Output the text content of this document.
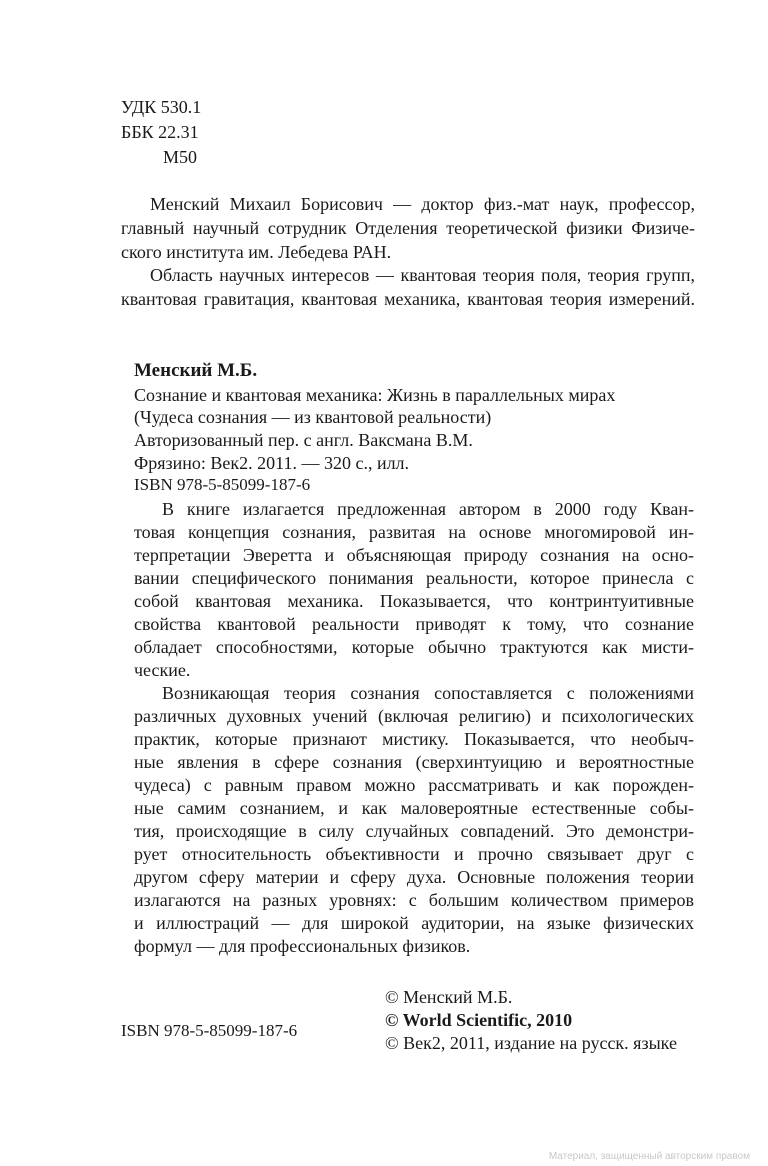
УДК 530.1
ББК 22.31
М50
Менский Михаил Борисович — доктор физ.-мат наук, профессор,
главный научный сотрудник Отделения теоретической физики Физиче-
ского института им. Лебедева РАН.
Область научных интересов — квантовая теория поля, теория групп,
квантовая гравитация, квантовая механика, квантовая теория измерений.
Менский М.Б.
Сознание и квантовая механика: Жизнь в параллельных мирах
(Чудеса сознания — из квантовой реальности)
Авторизованный пер. с англ. Ваксмана В.М.
Фрязино: Век2. 2011. — 320 с., илл.
ISBN 978-5-85099-187-6
В книге излагается предложенная автором в 2000 году Кван-
товая концепция сознания, развитая на основе многомировой ин-
терпретации Эверетта и объясняющая природу сознания на осно-
вании специфического понимания реальности, которое принесла с
собой квантовая механика. Показывается, что контринтуитивные
свойства квантовой реальности приводят к тому, что сознание
обладает способностями, которые обычно трактуются как мисти-
ческие.
Возникающая теория сознания сопоставляется с положениями
различных духовных учений (включая религию) и психологических
практик, которые признают мистику. Показывается, что необыч-
ные явления в сфере сознания (сверхинтуицию и вероятностные
чудеса) с равным правом можно рассматривать и как порожден-
ные самим сознанием, и как маловероятные естественные собы-
тия, происходящие в силу случайных совпадений. Это демонстри-
рует относительность объективности и прочно связывает друг с
другом сферу материи и сферу духа. Основные положения теории
излагаются на разных уровнях: с большим количеством примеров
и иллюстраций — для широкой аудитории, на языке физических
формул — для профессиональных физиков.
ISBN 978-5-85099-187-6
© Менский М.Б.
© World Scientific, 2010
© Век2, 2011, издание на русск. языке
Материал, защищенный авторским правом
